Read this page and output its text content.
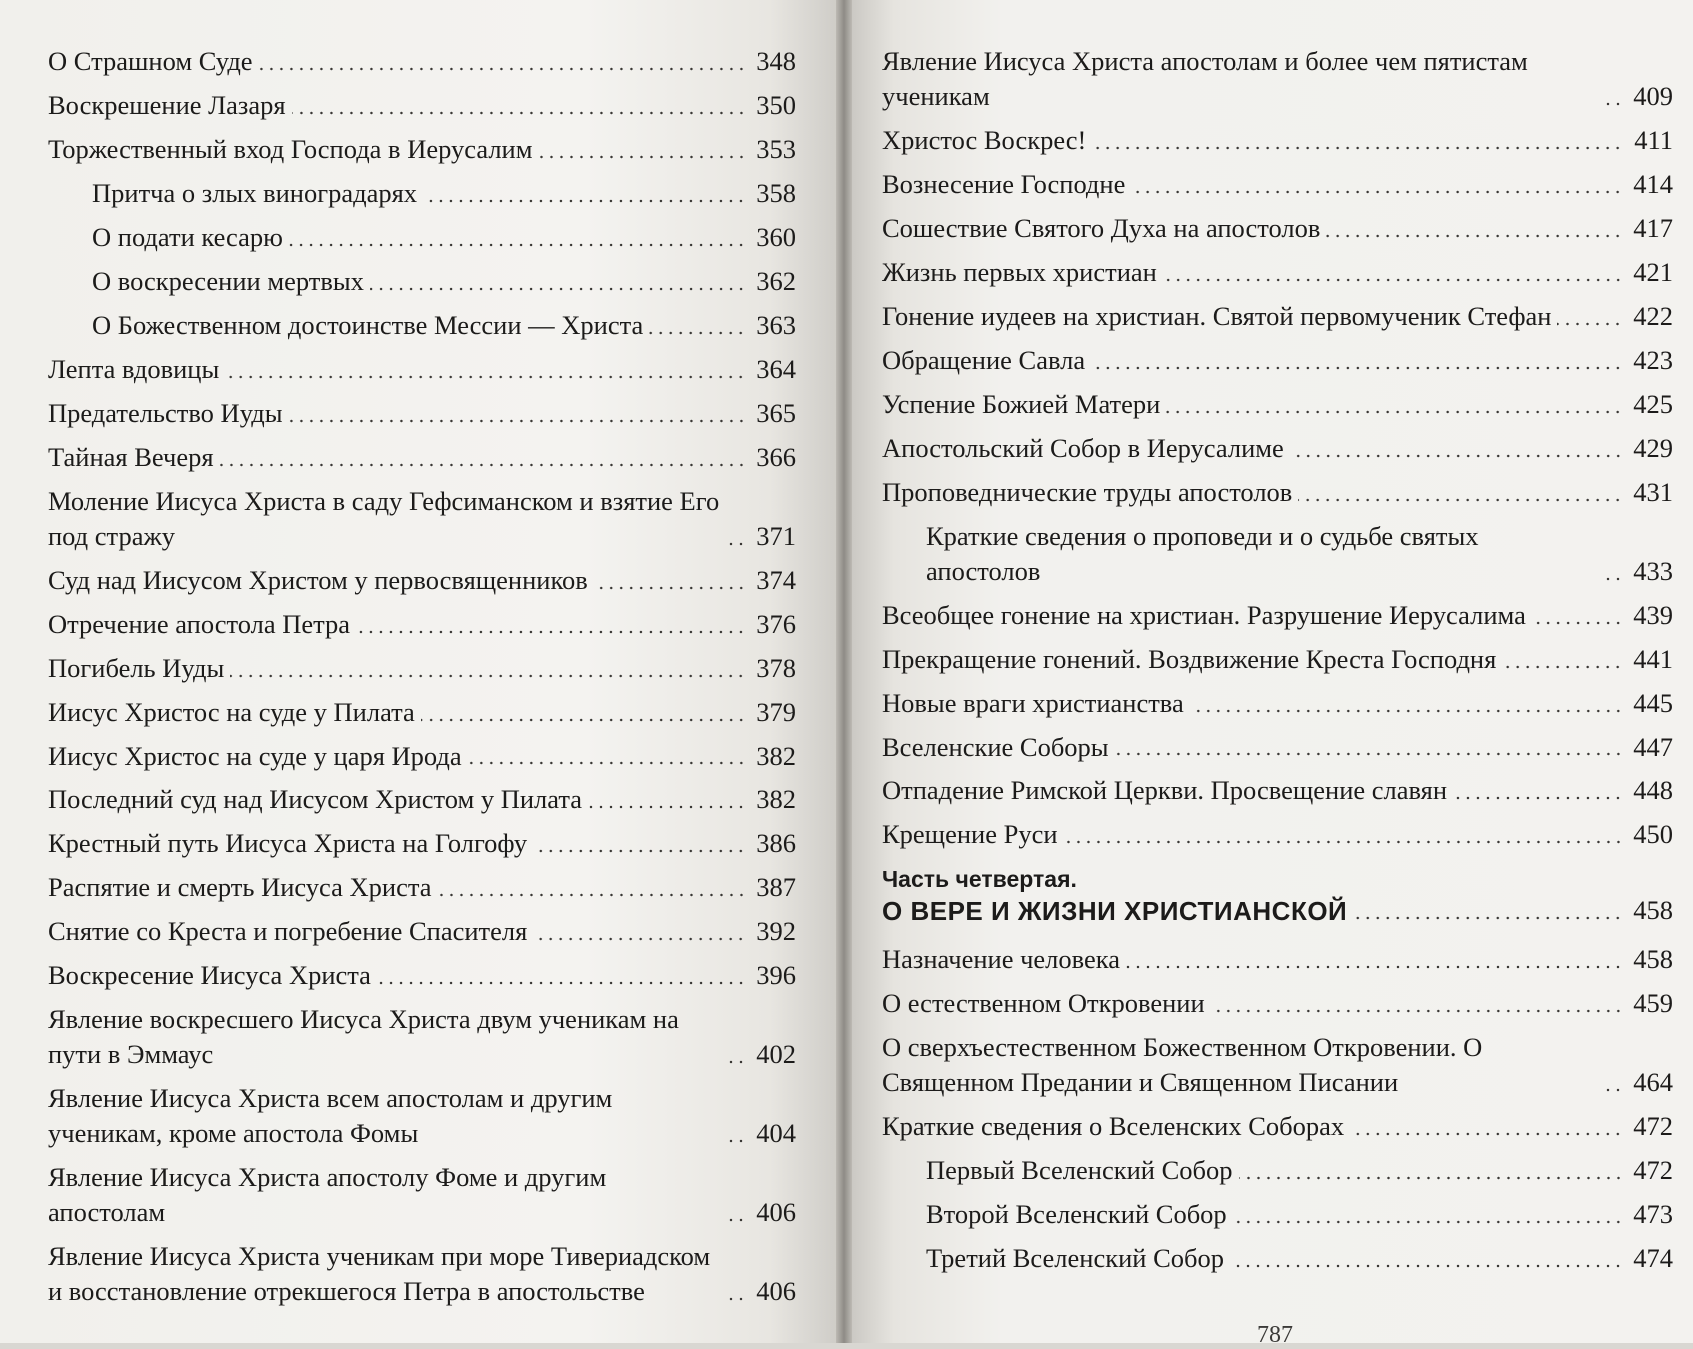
О Страшном Суде	348
Воскрешение Лазаря	350
Торжественный вход Господа в Иерусалим	353
Притча о злых виноградарях	358
О подати кесарю	360
О воскресении мертвых	362
О Божественном достоинстве Мессии — Христа	363
Лепта вдовицы	364
Предательство Иуды	365
Тайная Вечеря	366
Моление Иисуса Христа в саду Гефсиманском и взятие Его под стражу	371
Суд над Иисусом Христом у первосвященников	374
Отречение апостола Петра	376
Погибель Иуды	378
Иисус Христос на суде у Пилата	379
Иисус Христос на суде у царя Ирода	382
Последний суд над Иисусом Христом у Пилата	382
Крестный путь Иисуса Христа на Голгофу	386
Распятие и смерть Иисуса Христа	387
Снятие со Креста и погребение Спасителя	392
Воскресение Иисуса Христа	396
Явление воскресшего Иисуса Христа двум ученикам на пути в Эммаус	402
Явление Иисуса Христа всем апостолам и другим ученикам, кроме апостола Фомы	404
Явление Иисуса Христа апостолу Фоме и другим апостолам	406
Явление Иисуса Христа ученикам при море Тивериадском и восстановление отрекшегося Петра в апостольстве	406
Явление Иисуса Христа апостолам и более чем пятистам ученикам	409
Христос Воскрес!	411
Вознесение Господне	414
Сошествие Святого Духа на апостолов	417
Жизнь первых христиан	421
Гонение иудеев на христиан. Святой первомученик Стефан	422
Обращение Савла	423
Успение Божией Матери	425
Апостольский Собор в Иерусалиме	429
Проповеднические труды апостолов	431
Краткие сведения о проповеди и о судьбе святых апостолов	433
Всеобщее гонение на христиан. Разрушение Иерусалима	439
Прекращение гонений. Воздвижение Креста Господня	441
Новые враги христианства	445
Вселенские Соборы	447
Отпадение Римской Церкви. Просвещение славян	448
Крещение Руси	450
Часть четвертая.
О ВЕРЕ И ЖИЗНИ ХРИСТИАНСКОЙ	458
Назначение человека	458
О естественном Откровении	459
О сверхъестественном Божественном Откровении. О Священном Предании и Священном Писании	464
Краткие сведения о Вселенских Соборах	472
Первый Вселенский Собор	472
Второй Вселенский Собор	473
Третий Вселенский Собор	474
787
